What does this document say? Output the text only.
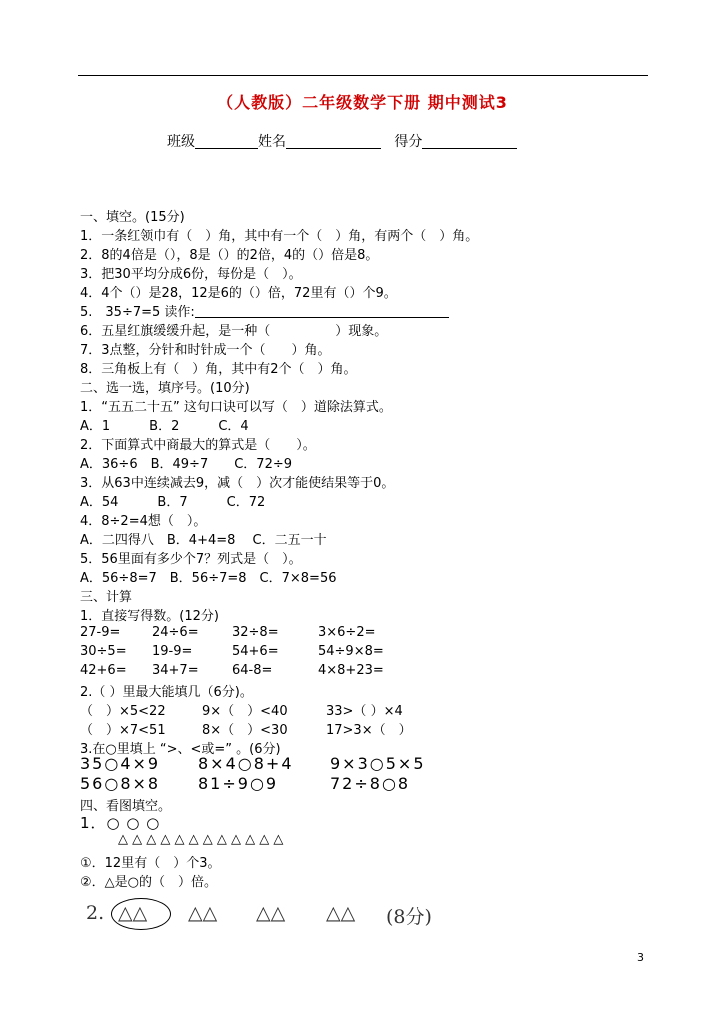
（人教版）二年级数学下册 期中测试3
班级	姓名	得分
一、填空。(15分)
1．一条红领巾有（　）角，其中有一个（　）角，有两个（　）角。
2．8的4倍是（），8是（）的2倍，4的（）倍是8。
3．把30平均分成6份，每份是（　）。
4．4个（）是28，12是6的（）倍，72里有（）个9。
5.　35÷7=5 读作:
6．五星红旗缓缓升起，是一种（　　　　　）现象。
7．3点整，分针和时针成一个（　　）角。
8．三角板上有（　）角，其中有2个（　）角。
二、选一选，填序号。(10分)
1．“五五二十五” 这句口诀可以写（　）道除法算式。
A．1　　　B．2　　　C．4
2．下面算式中商最大的算式是（　　）。
A．36÷6　B．49÷7　　C．72÷9
3．从63中连续减去9，减（　）次才能使结果等于0。
A．54　　　B．7　　　C．72
4．8÷2=4想（　）。
A．二四得八　B．4+4=8　 C．二五一十
5．56里面有多少个7？列式是（　）。
A．56÷8=7　B．56÷7=8　C．7×8=56
三、计算
1．直接写得数。(12分)
27-9= 24÷6=	32÷8=	3×6÷2=
30÷5= 19-9=	54+6=	54÷9×8=
42+6= 34+7=	64-8=	4×8+23=
2.（ ）里最大能填几（6分)。
（　）×5<22	9×（　）<40	33>（ ）×4
（　）×7<51	8×（　）<30	17>3×（　）
3.在○里填上 “>、<或=” 。(6分)
35○4×9 8×4○8+4 9×3○5×5
56○8×8 81÷9○9	72÷8○8
四、看图填空。
1．○ ○ ○
△ △ △ △ △ △ △ △ △ △ △ △
①．12里有（　）个3。
②．△是○的（　）倍。
2. △△ △△ △△ △△ (8分)
3
